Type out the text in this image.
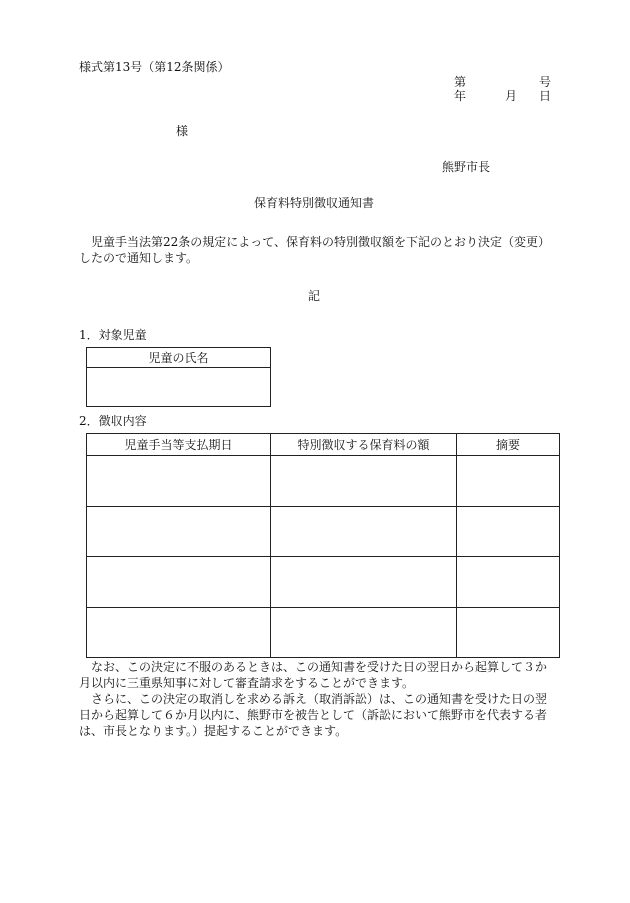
様式第13号（第12条関係）
第	号
年	月 日
様
熊野市長
保育料特別徴収通知書
　児童手当法第22条の規定によって、保育料の特別徴収額を下記のとおり決定（変更）したので通知します。
記
1．対象児童
児童の氏名

2．徴収内容
児童手当等支払期日	特別徴収する保育料の額	摘要

　なお、この決定に不服のあるときは、この通知書を受けた日の翌日から起算して３か月以内に三重県知事に対して審査請求をすることができます。
　さらに、この決定の取消しを求める訴え（取消訴訟）は、この通知書を受けた日の翌日から起算して６か月以内に、熊野市を被告として（訴訟において熊野市を代表する者は、市長となります。）提起することができます。
